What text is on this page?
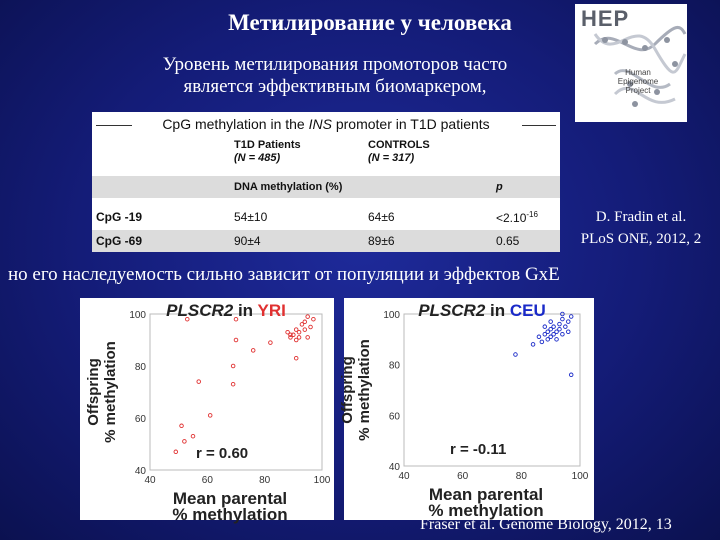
Метилирование у человека
Уровень метилирования промоторов часто
является эффективным биомаркером,
HEP
Human
Epigenome
Project
CpG methylation in the INS promoter in T1D patients
T1D Patients
(N = 485)
CONTROLS
(N = 317)
DNA methylation (%)	p
CpG -19	54±10	64±6	$<2.10^{-16}$
CpG -69	90±4	89±6	0.65
D. Fradin et al.
PLoS ONE, 2012, 2
но его наследуемость сильно зависит от популяции и эффектов GxE
PLSCR2 in YRI
40	60	80	100
40
60
80
100
Offspring% methylation
Mean parental
% methylation
r = 0.60
PLSCR2 in CEU
40	60	80	100
40
60
80
100
Offspring% methylation
Mean parental
% methylation
r = -0.11
Fraser et al. Genome Biology, 2012, 13
